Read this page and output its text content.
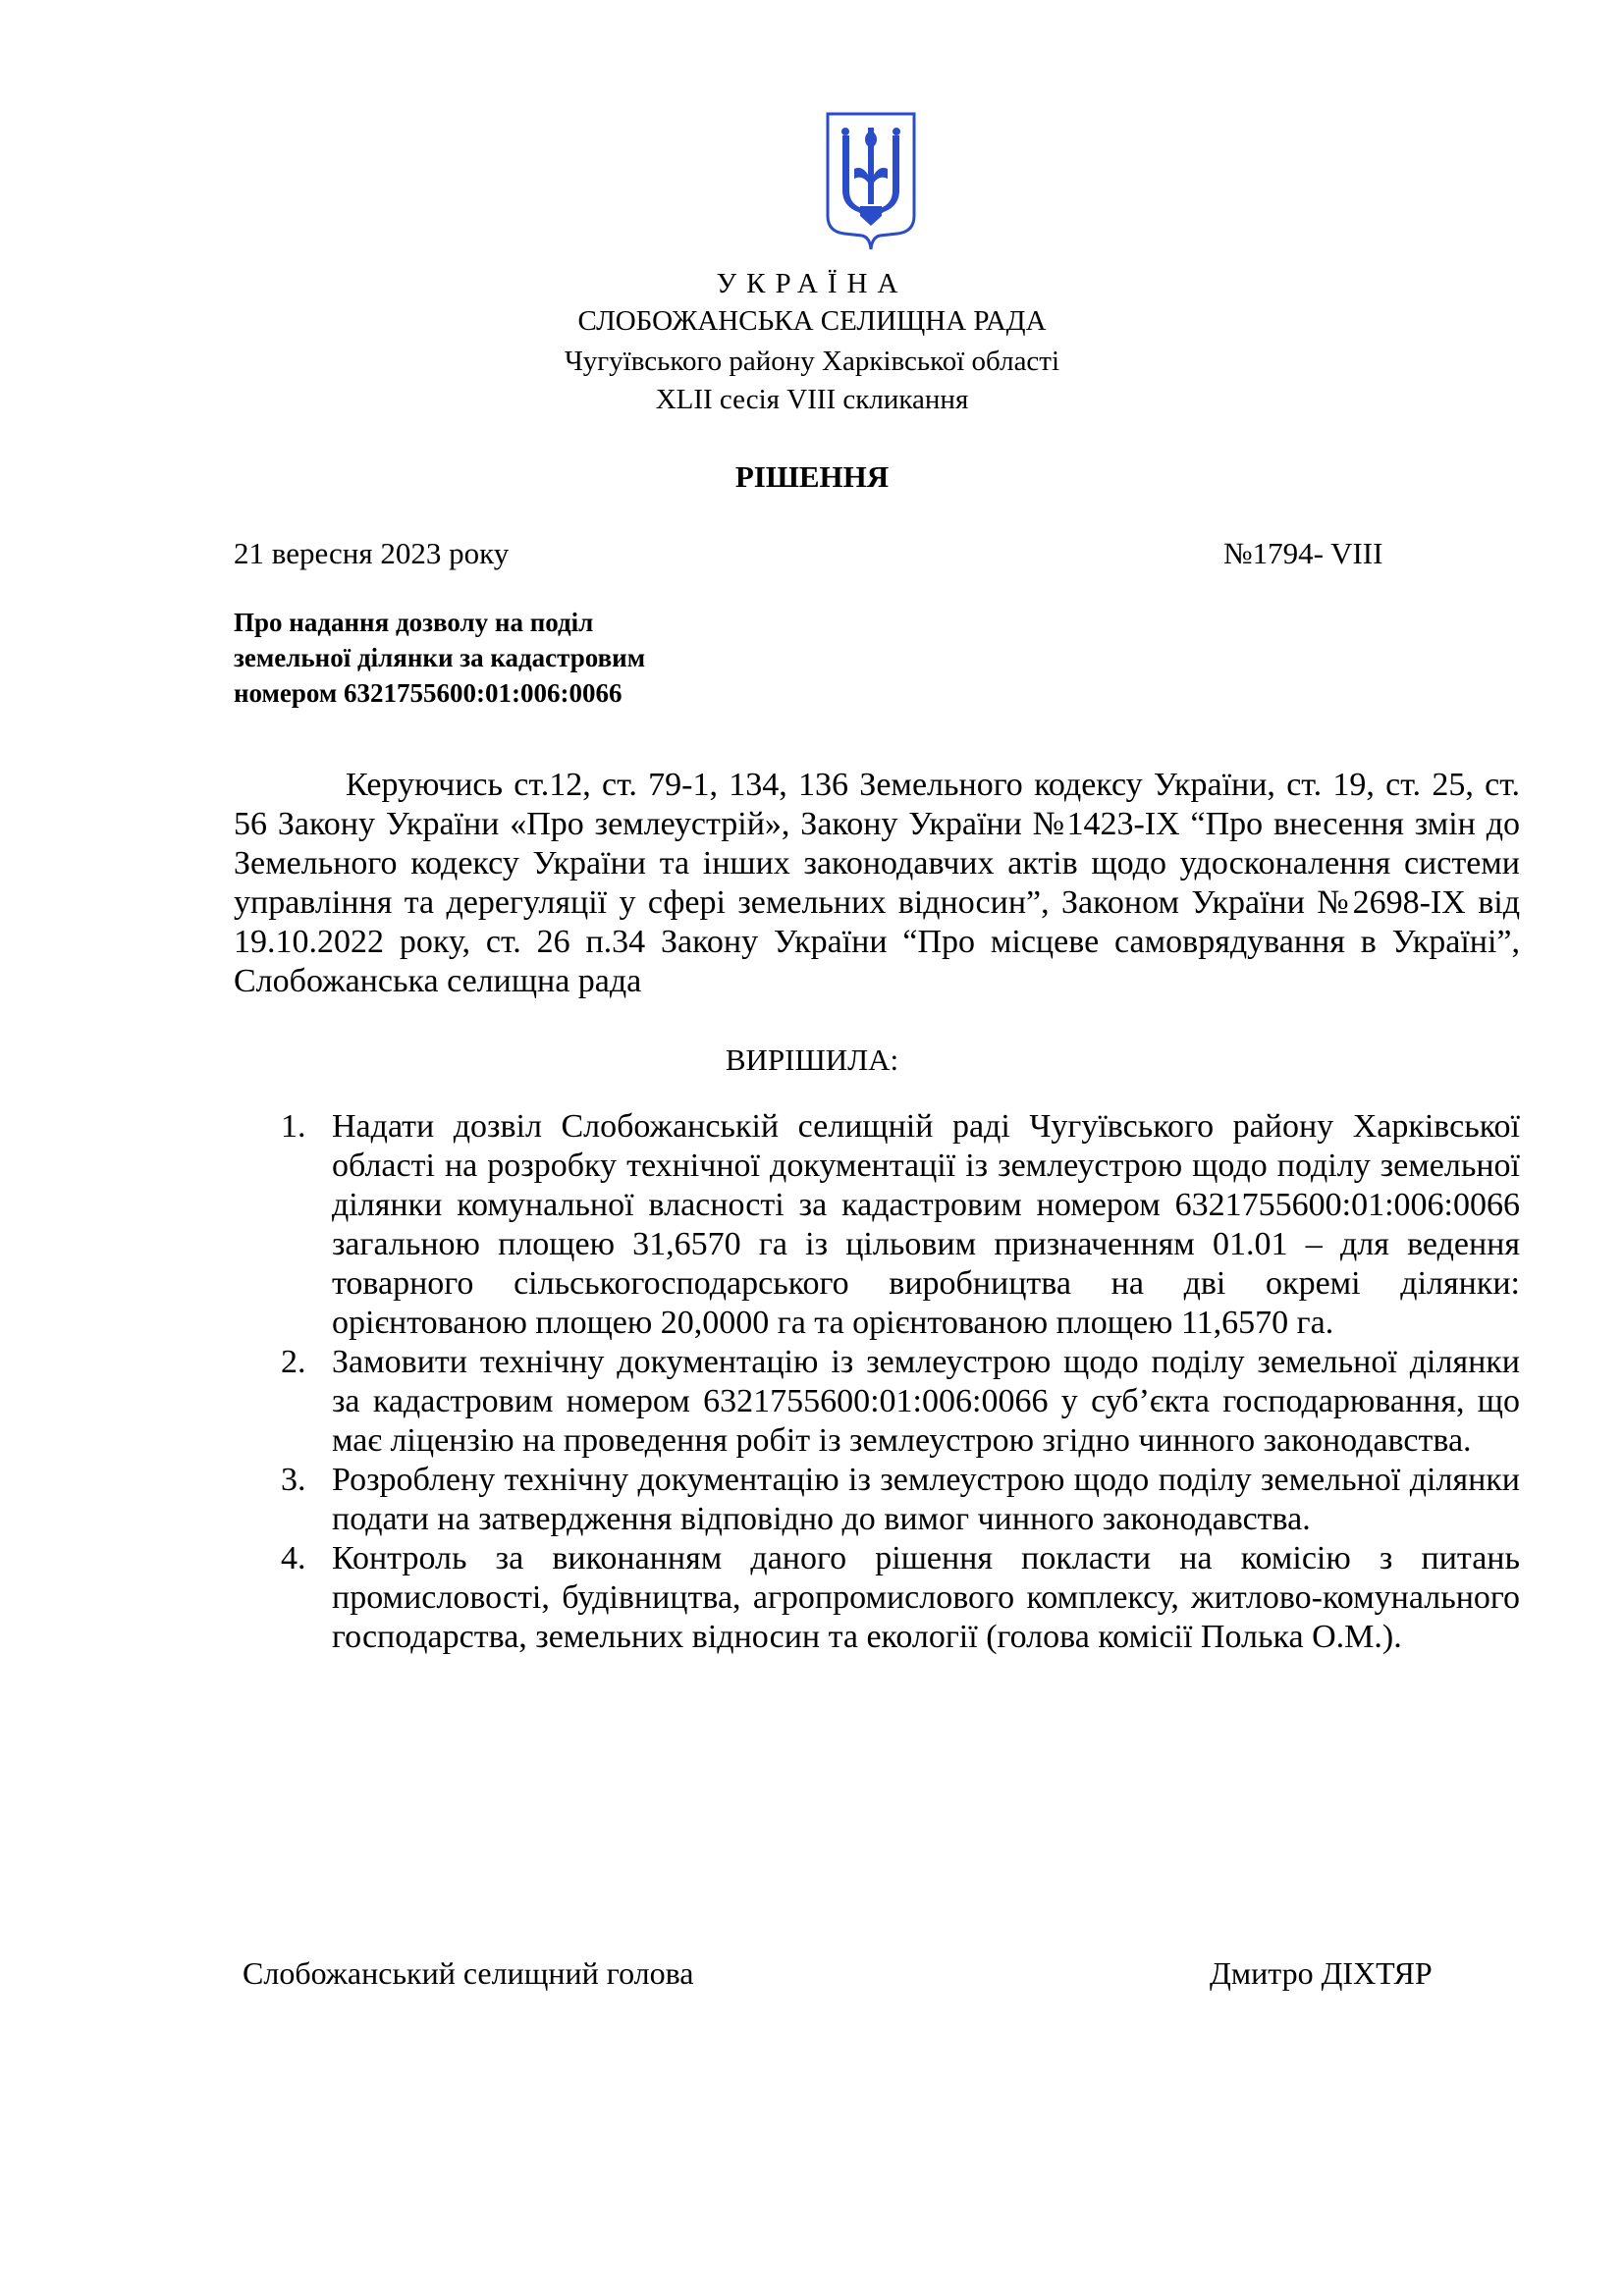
УКРАЇНА
СЛОБОЖАНСЬКА СЕЛИЩНА РАДА
Чугуївського району Харківської області
XLII сесія VIII скликання
РІШЕННЯ
21 вересня 2023 року	№1794- VIII
Про надання дозволу на поділ
земельної ділянки за кадастровим
номером 6321755600:01:006:0066
Керуючись ст.12, ст. 79-1, 134, 136 Земельного кодексу України, ст. 19, ст. 25, ст. 56 Закону України «Про землеустрій», Закону України №1423-IX “Про внесення змін до Земельного кодексу України та інших законодавчих актів щодо удосконалення системи управління та дерегуляції у сфері земельних відносин”, Законом України №2698-IX від 19.10.2022 року, ст. 26 п.34 Закону України “Про місцеве самоврядування в Україні”, Слобожанська селищна рада
ВИРІШИЛА:
1. Надати дозвіл Слобожанській селищній раді Чугуївського району Харківської області на розробку технічної документації із землеустрою щодо поділу земельної ділянки комунальної власності за кадастровим номером 6321755600:01:006:0066 загальною площею 31,6570 га із цільовим призначенням 01.01 – для ведення товарного сільськогосподарського виробництва на дві окремі ділянки: орієнтованою площею 20,0000 га та орієнтованою площею 11,6570 га.
2. Замовити технічну документацію із землеустрою щодо поділу земельної ділянки за кадастровим номером 6321755600:01:006:0066 у суб’єкта господарювання, що має ліцензію на проведення робіт із землеустрою згідно чинного законодавства.
3. Розроблену технічну документацію із землеустрою щодо поділу земельної ділянки подати на затвердження відповідно до вимог чинного законодавства.
4. Контроль за виконанням даного рішення покласти на комісію з питань промисловості, будівництва, агропромислового комплексу, житлово-комунального господарства, земельних відносин та екології (голова комісії Полька О.М.).
Слобожанський селищний голова	Дмитро ДІХТЯР
